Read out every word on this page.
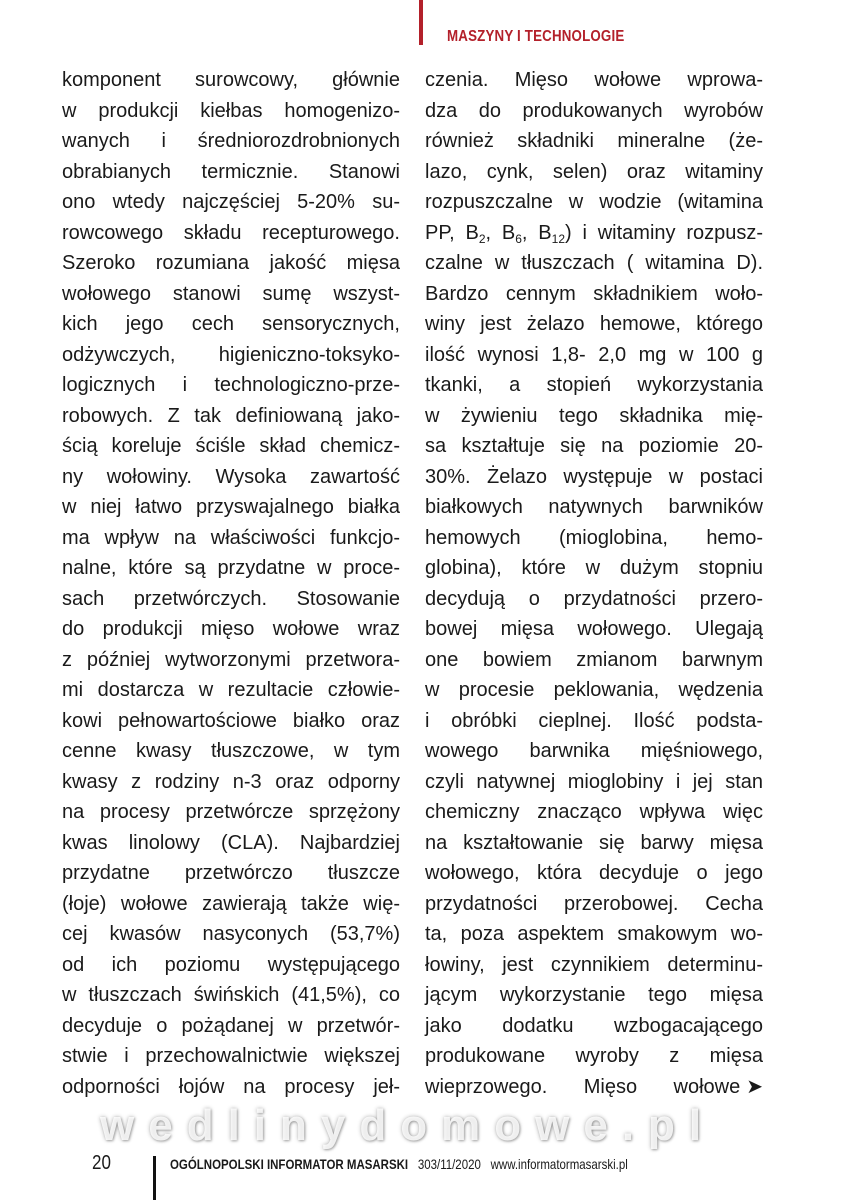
MASZYNY I TECHNOLOGIE
komponent surowcowy, głównie
w produkcji kiełbas homogenizo-
wanych i średniorozdrobnionych
obrabianych termicznie. Stanowi
ono wtedy najczęściej 5-20% su-
rowcowego składu recepturowego.
Szeroko rozumiana jakość mięsa
wołowego stanowi sumę wszyst-
kich jego cech sensorycznych,
odżywczych, higieniczno-toksyko-
logicznych i technologiczno-prze-
robowych. Z tak definiowaną jako-
ścią koreluje ściśle skład chemicz-
ny wołowiny. Wysoka zawartość
w niej łatwo przyswajalnego białka
ma wpływ na właściwości funkcjo-
nalne, które są przydatne w proce-
sach przetwórczych. Stosowanie
do produkcji mięso wołowe wraz
z później wytworzonymi przetwora-
mi dostarcza w rezultacie człowie-
kowi pełnowartościowe białko oraz
cenne kwasy tłuszczowe, w tym
kwasy z rodziny n-3 oraz odporny
na procesy przetwórcze sprzężony
kwas linolowy (CLA). Najbardziej
przydatne przetwórczo tłuszcze
(łoje) wołowe zawierają także wię-
cej kwasów nasyconych (53,7%)
od ich poziomu występującego
w tłuszczach świńskich (41,5%), co
decyduje o pożądanej w przetwór-
stwie i przechowalnictwie większej
odporności łojów na procesy jeł-
czenia. Mięso wołowe wprowa-
dza do produkowanych wyrobów
również składniki mineralne (że-
lazo, cynk, selen) oraz witaminy
rozpuszczalne w wodzie (witamina
PP, $B_2$, $B_6$, $B_{12}$) i witaminy rozpusz-
czalne w tłuszczach ( witamina D).
Bardzo cennym składnikiem woło-
winy jest żelazo hemowe, którego
ilość wynosi 1,8- 2,0 mg w 100 g
tkanki, a stopień wykorzystania
w żywieniu tego składnika mię-
sa kształtuje się na poziomie 20-
30%. Żelazo występuje w postaci
białkowych natywnych barwników
hemowych (mioglobina, hemo-
globina), które w dużym stopniu
decydują o przydatności przero-
bowej mięsa wołowego. Ulegają
one bowiem zmianom barwnym
w procesie peklowania, wędzenia
i obróbki cieplnej. Ilość podsta-
wowego barwnika mięśniowego,
czyli natywnej mioglobiny i jej stan
chemiczny znacząco wpływa więc
na kształtowanie się barwy mięsa
wołowego, która decyduje o jego
przydatności przerobowej. Cecha
ta, poza aspektem smakowym wo-
łowiny, jest czynnikiem determinu-
jącym wykorzystanie tego mięsa
jako dodatku wzbogacającego
produkowane wyroby z mięsa
wieprzowego. Mięso wołowe ➤
wedlinydomowe.pl
20	OGÓLNOPOLSKI INFORMATOR MASARSKI 303/11/2020 www.informatormasarski.pl
